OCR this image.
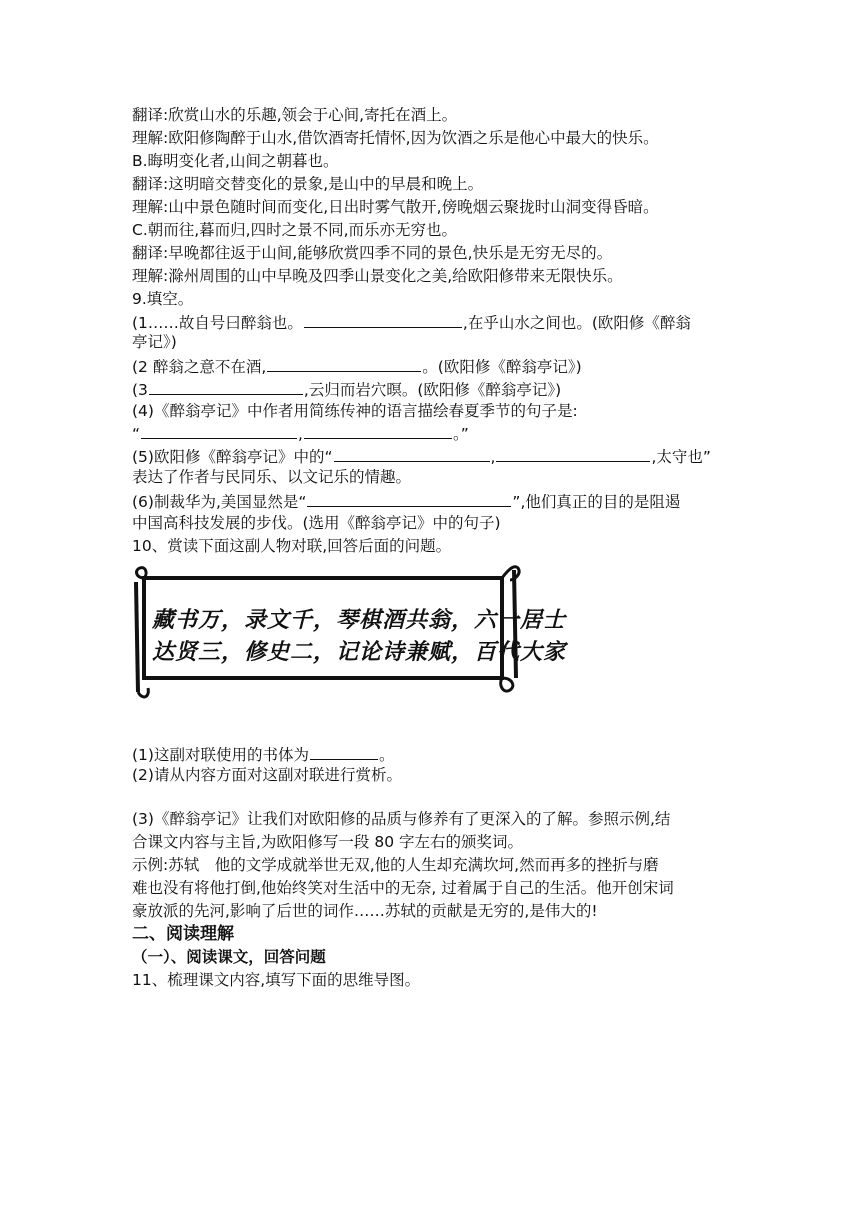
翻译:欣赏山水的乐趣,领会于心间,寄托在酒上。
理解:欧阳修陶醉于山水,借饮酒寄托情怀,因为饮酒之乐是他心中最大的快乐。
B.晦明变化者,山间之朝暮也。
翻译:这明暗交替变化的景象,是山中的早晨和晚上。
理解:山中景色随时间而变化,日出时雾气散开,傍晚烟云聚拢时山洞变得昏暗。
C.朝而往,暮而归,四时之景不同,而乐亦无穷也。
翻译:早晚都往返于山间,能够欣赏四季不同的景色,快乐是无穷无尽的。
理解:滁州周围的山中早晚及四季山景变化之美,给欧阳修带来无限快乐。
9.填空。
(1……故自号曰醉翁也。	,在乎山水之间也。(欧阳修《醉翁
亭记》)
(2 醉翁之意不在酒,	。(欧阳修《醉翁亭记》)
(3	,云归而岩穴暝。(欧阳修《醉翁亭记》)
(4)《醉翁亭记》中作者用简练传神的语言描绘春夏季节的句子是:
“	,	。”
(5)欧阳修《醉翁亭记》中的“	,	,太守也”
表达了作者与民同乐、以文记乐的情趣。
(6)制裁华为,美国显然是“	”,他们真正的目的是阻遏
中国高科技发展的步伐。(选用《醉翁亭记》中的句子)
10、赏读下面这副人物对联,回答后面的问题。
藏书万，录文千，琴棋酒共翁，六一居士
达贤三，修史二，记论诗兼赋，百代大家
(1)这副对联使用的书体为	。
(2)请从内容方面对这副对联进行赏析。
(3)《醉翁亭记》让我们对欧阳修的品质与修养有了更深入的了解。参照示例,结
合课文内容与主旨,为欧阳修写一段 80 字左右的颁奖词。
示例:苏轼　他的文学成就举世无双,他的人生却充满坎坷,然而再多的挫折与磨
难也没有将他打倒,他始终笑对生活中的无奈, 过着属于自己的生活。他开创宋词
豪放派的先河,影响了后世的词作……苏轼的贡献是无穷的,是伟大的!
二、阅读理解
（一）、阅读课文，回答问题
11、梳理课文内容,填写下面的思维导图。
